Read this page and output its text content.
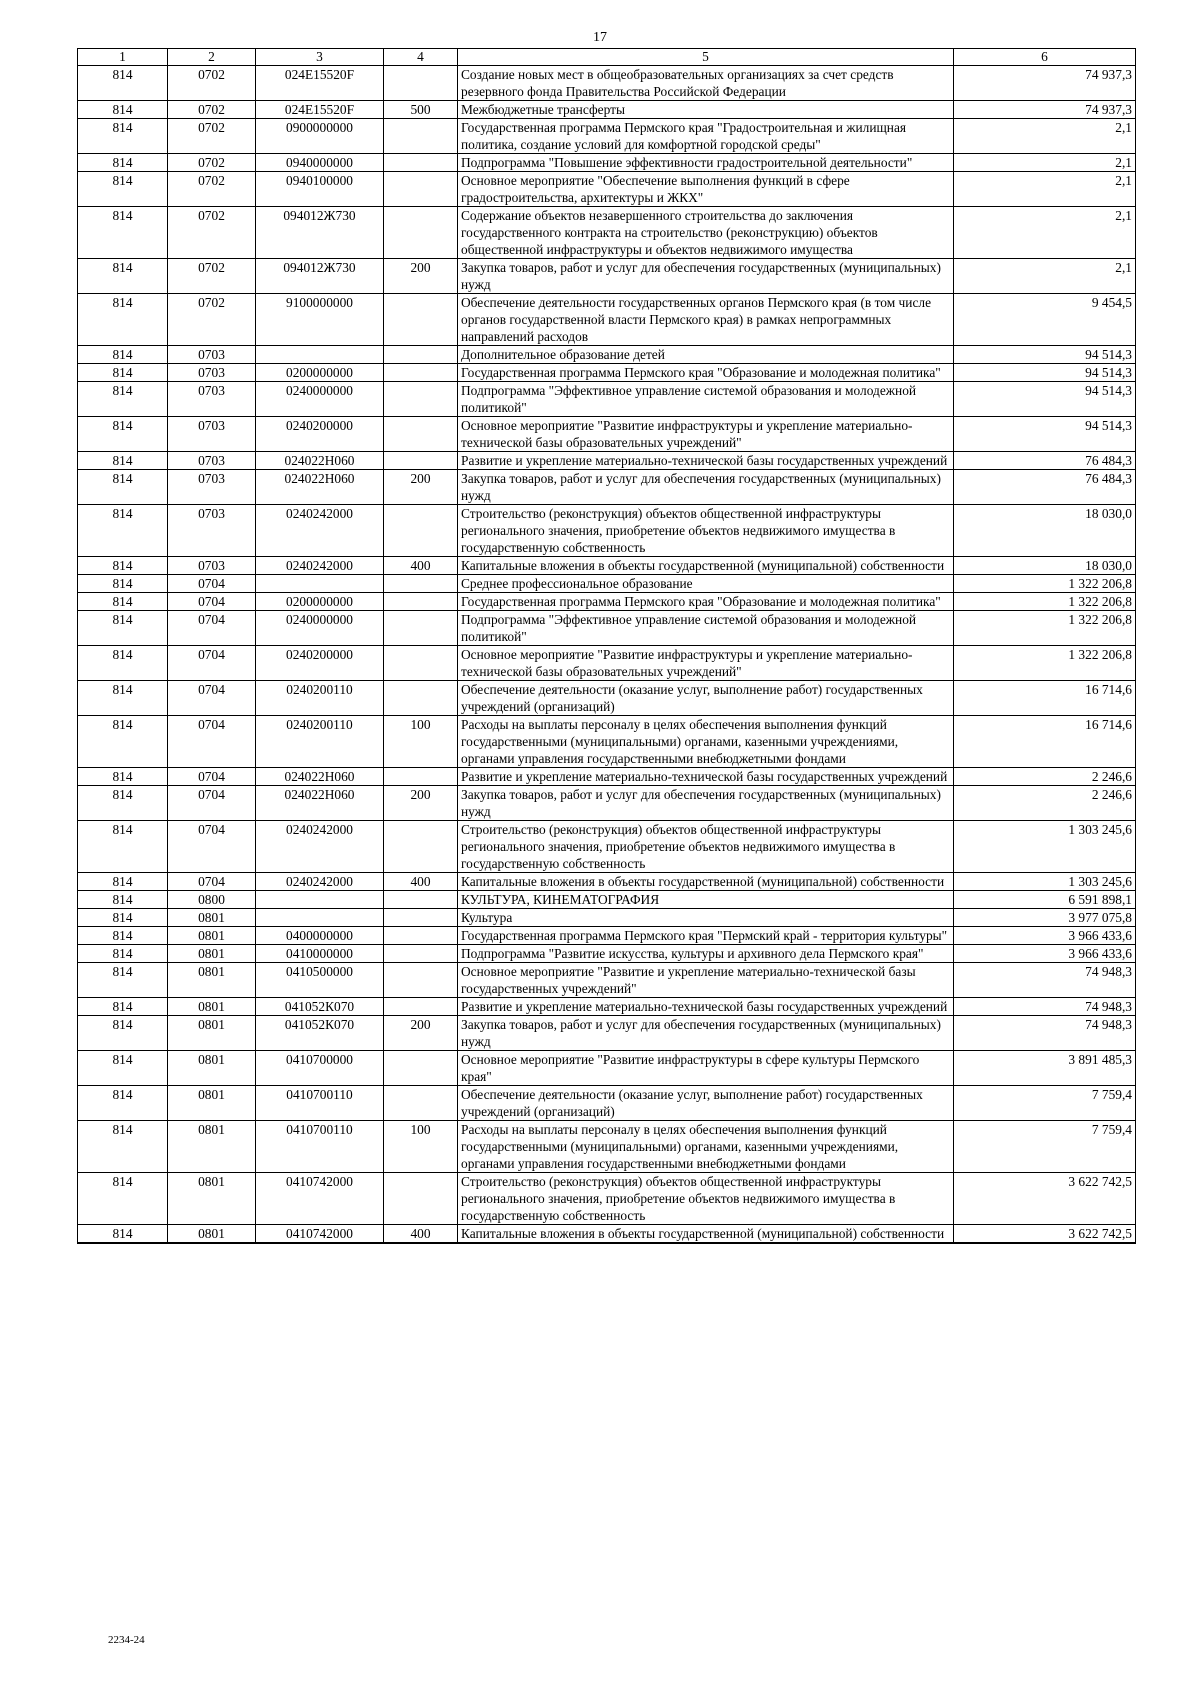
17
1	2	3	4	5	6
814	0702	024E15520F		Создание новых мест в общеобразовательных организациях за счет средств резервного фонда Правительства Российской Федерации	74 937,3
814	0702	024E15520F	500	Межбюджетные трансферты	74 937,3
814	0702	0900000000		Государственная программа Пермского края "Градостроительная и жилищная политика, создание условий для комфортной городской среды"	2,1
814	0702	0940000000		Подпрограмма "Повышение эффективности градостроительной деятельности"	2,1
814	0702	0940100000		Основное мероприятие "Обеспечение выполнения функций в сфере градостроительства, архитектуры и ЖКХ"	2,1
814	0702	094012Ж730		Содержание объектов незавершенного строительства до заключения государственного контракта на строительство (реконструкцию) объектов общественной инфраструктуры и объектов недвижимого имущества	2,1
814	0702	094012Ж730	200	Закупка товаров, работ и услуг для обеспечения государственных (муниципальных) нужд	2,1
814	0702	9100000000		Обеспечение деятельности государственных органов Пермского края (в том числе органов государственной власти Пермского края) в рамках непрограммных направлений расходов	9 454,5
814	0703			Дополнительное образование детей	94 514,3
814	0703	0200000000		Государственная программа Пермского края "Образование и молодежная политика"	94 514,3
814	0703	0240000000		Подпрограмма "Эффективное управление системой образования и молодежной политикой"	94 514,3
814	0703	0240200000		Основное мероприятие "Развитие инфраструктуры и укрепление материально-технической базы образовательных учреждений"	94 514,3
814	0703	024022Н060		Развитие и укрепление материально-технической базы государственных учреждений	76 484,3
814	0703	024022Н060	200	Закупка товаров, работ и услуг для обеспечения государственных (муниципальных) нужд	76 484,3
814	0703	0240242000		Строительство (реконструкция) объектов общественной инфраструктуры регионального значения, приобретение объектов недвижимого имущества в государственную собственность	18 030,0
814	0703	0240242000	400	Капитальные вложения в объекты государственной (муниципальной) собственности	18 030,0
814	0704			Среднее профессиональное образование	1 322 206,8
814	0704	0200000000		Государственная программа Пермского края "Образование и молодежная политика"	1 322 206,8
814	0704	0240000000		Подпрограмма "Эффективное управление системой образования и молодежной политикой"	1 322 206,8
814	0704	0240200000		Основное мероприятие "Развитие инфраструктуры и укрепление материально-технической базы образовательных учреждений"	1 322 206,8
814	0704	0240200110		Обеспечение деятельности (оказание услуг, выполнение работ) государственных учреждений (организаций)	16 714,6
814	0704	0240200110	100	Расходы на выплаты персоналу в целях обеспечения выполнения функций государственными (муниципальными) органами, казенными учреждениями, органами управления государственными внебюджетными фондами	16 714,6
814	0704	024022Н060		Развитие и укрепление материально-технической базы государственных учреждений	2 246,6
814	0704	024022Н060	200	Закупка товаров, работ и услуг для обеспечения государственных (муниципальных) нужд	2 246,6
814	0704	0240242000		Строительство (реконструкция) объектов общественной инфраструктуры регионального значения, приобретение объектов недвижимого имущества в государственную собственность	1 303 245,6
814	0704	0240242000	400	Капитальные вложения в объекты государственной (муниципальной) собственности	1 303 245,6
814	0800			КУЛЬТУРА, КИНЕМАТОГРАФИЯ	6 591 898,1
814	0801			Культура	3 977 075,8
814	0801	0400000000		Государственная программа Пермского края "Пермский край - территория культуры"	3 966 433,6
814	0801	0410000000		Подпрограмма "Развитие искусства, культуры и архивного дела Пермского края"	3 966 433,6
814	0801	0410500000		Основное мероприятие "Развитие и укрепление материально-технической базы государственных учреждений"	74 948,3
814	0801	041052К070		Развитие и укрепление материально-технической базы государственных учреждений	74 948,3
814	0801	041052К070	200	Закупка товаров, работ и услуг для обеспечения государственных (муниципальных) нужд	74 948,3
814	0801	0410700000		Основное мероприятие "Развитие инфраструктуры в сфере культуры Пермского края"	3 891 485,3
814	0801	0410700110		Обеспечение деятельности (оказание услуг, выполнение работ) государственных учреждений (организаций)	7 759,4
814	0801	0410700110	100	Расходы на выплаты персоналу в целях обеспечения выполнения функций государственными (муниципальными) органами, казенными учреждениями, органами управления государственными внебюджетными фондами	7 759,4
814	0801	0410742000		Строительство (реконструкция) объектов общественной инфраструктуры регионального значения, приобретение объектов недвижимого имущества в государственную собственность	3 622 742,5
814	0801	0410742000	400	Капитальные вложения в объекты государственной (муниципальной) собственности	3 622 742,5
2234-24
